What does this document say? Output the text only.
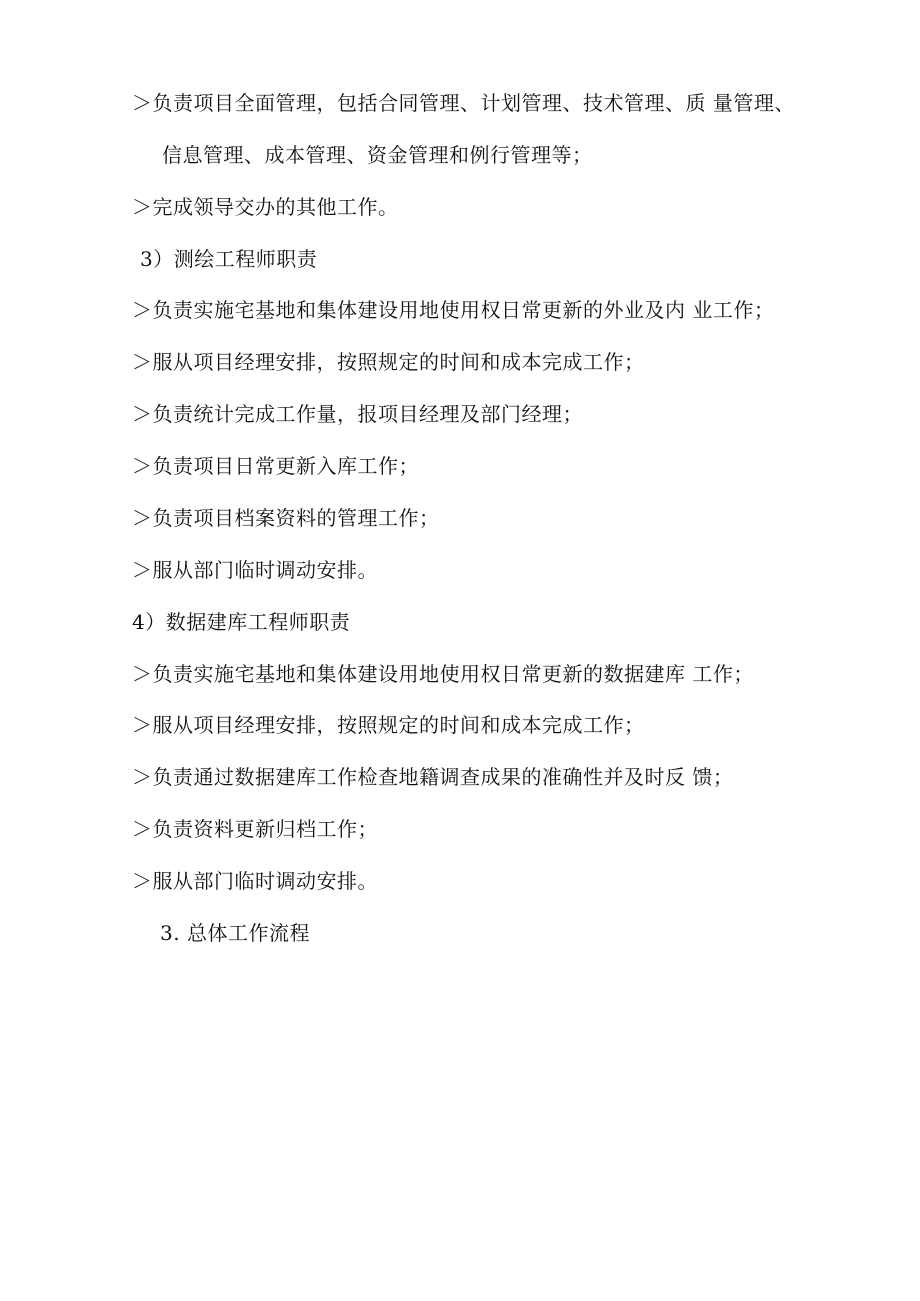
＞负责项目全面管理，包括合同管理、计划管理、技术管理、质 量管理、
信息管理、成本管理、资金管理和例行管理等；
＞完成领导交办的其他工作。
3）测绘工程师职责
＞负责实施宅基地和集体建设用地使用权日常更新的外业及内 业工作；
＞服从项目经理安排，按照规定的时间和成本完成工作；
＞负责统计完成工作量，报项目经理及部门经理；
＞负责项目日常更新入库工作；
＞负责项目档案资料的管理工作；
＞服从部门临时调动安排。
4）数据建库工程师职责
＞负责实施宅基地和集体建设用地使用权日常更新的数据建库 工作；
＞服从项目经理安排，按照规定的时间和成本完成工作；
＞负责通过数据建库工作检查地籍调查成果的准确性并及时反 馈；
＞负责资料更新归档工作；
＞服从部门临时调动安排。
3. 总体工作流程
